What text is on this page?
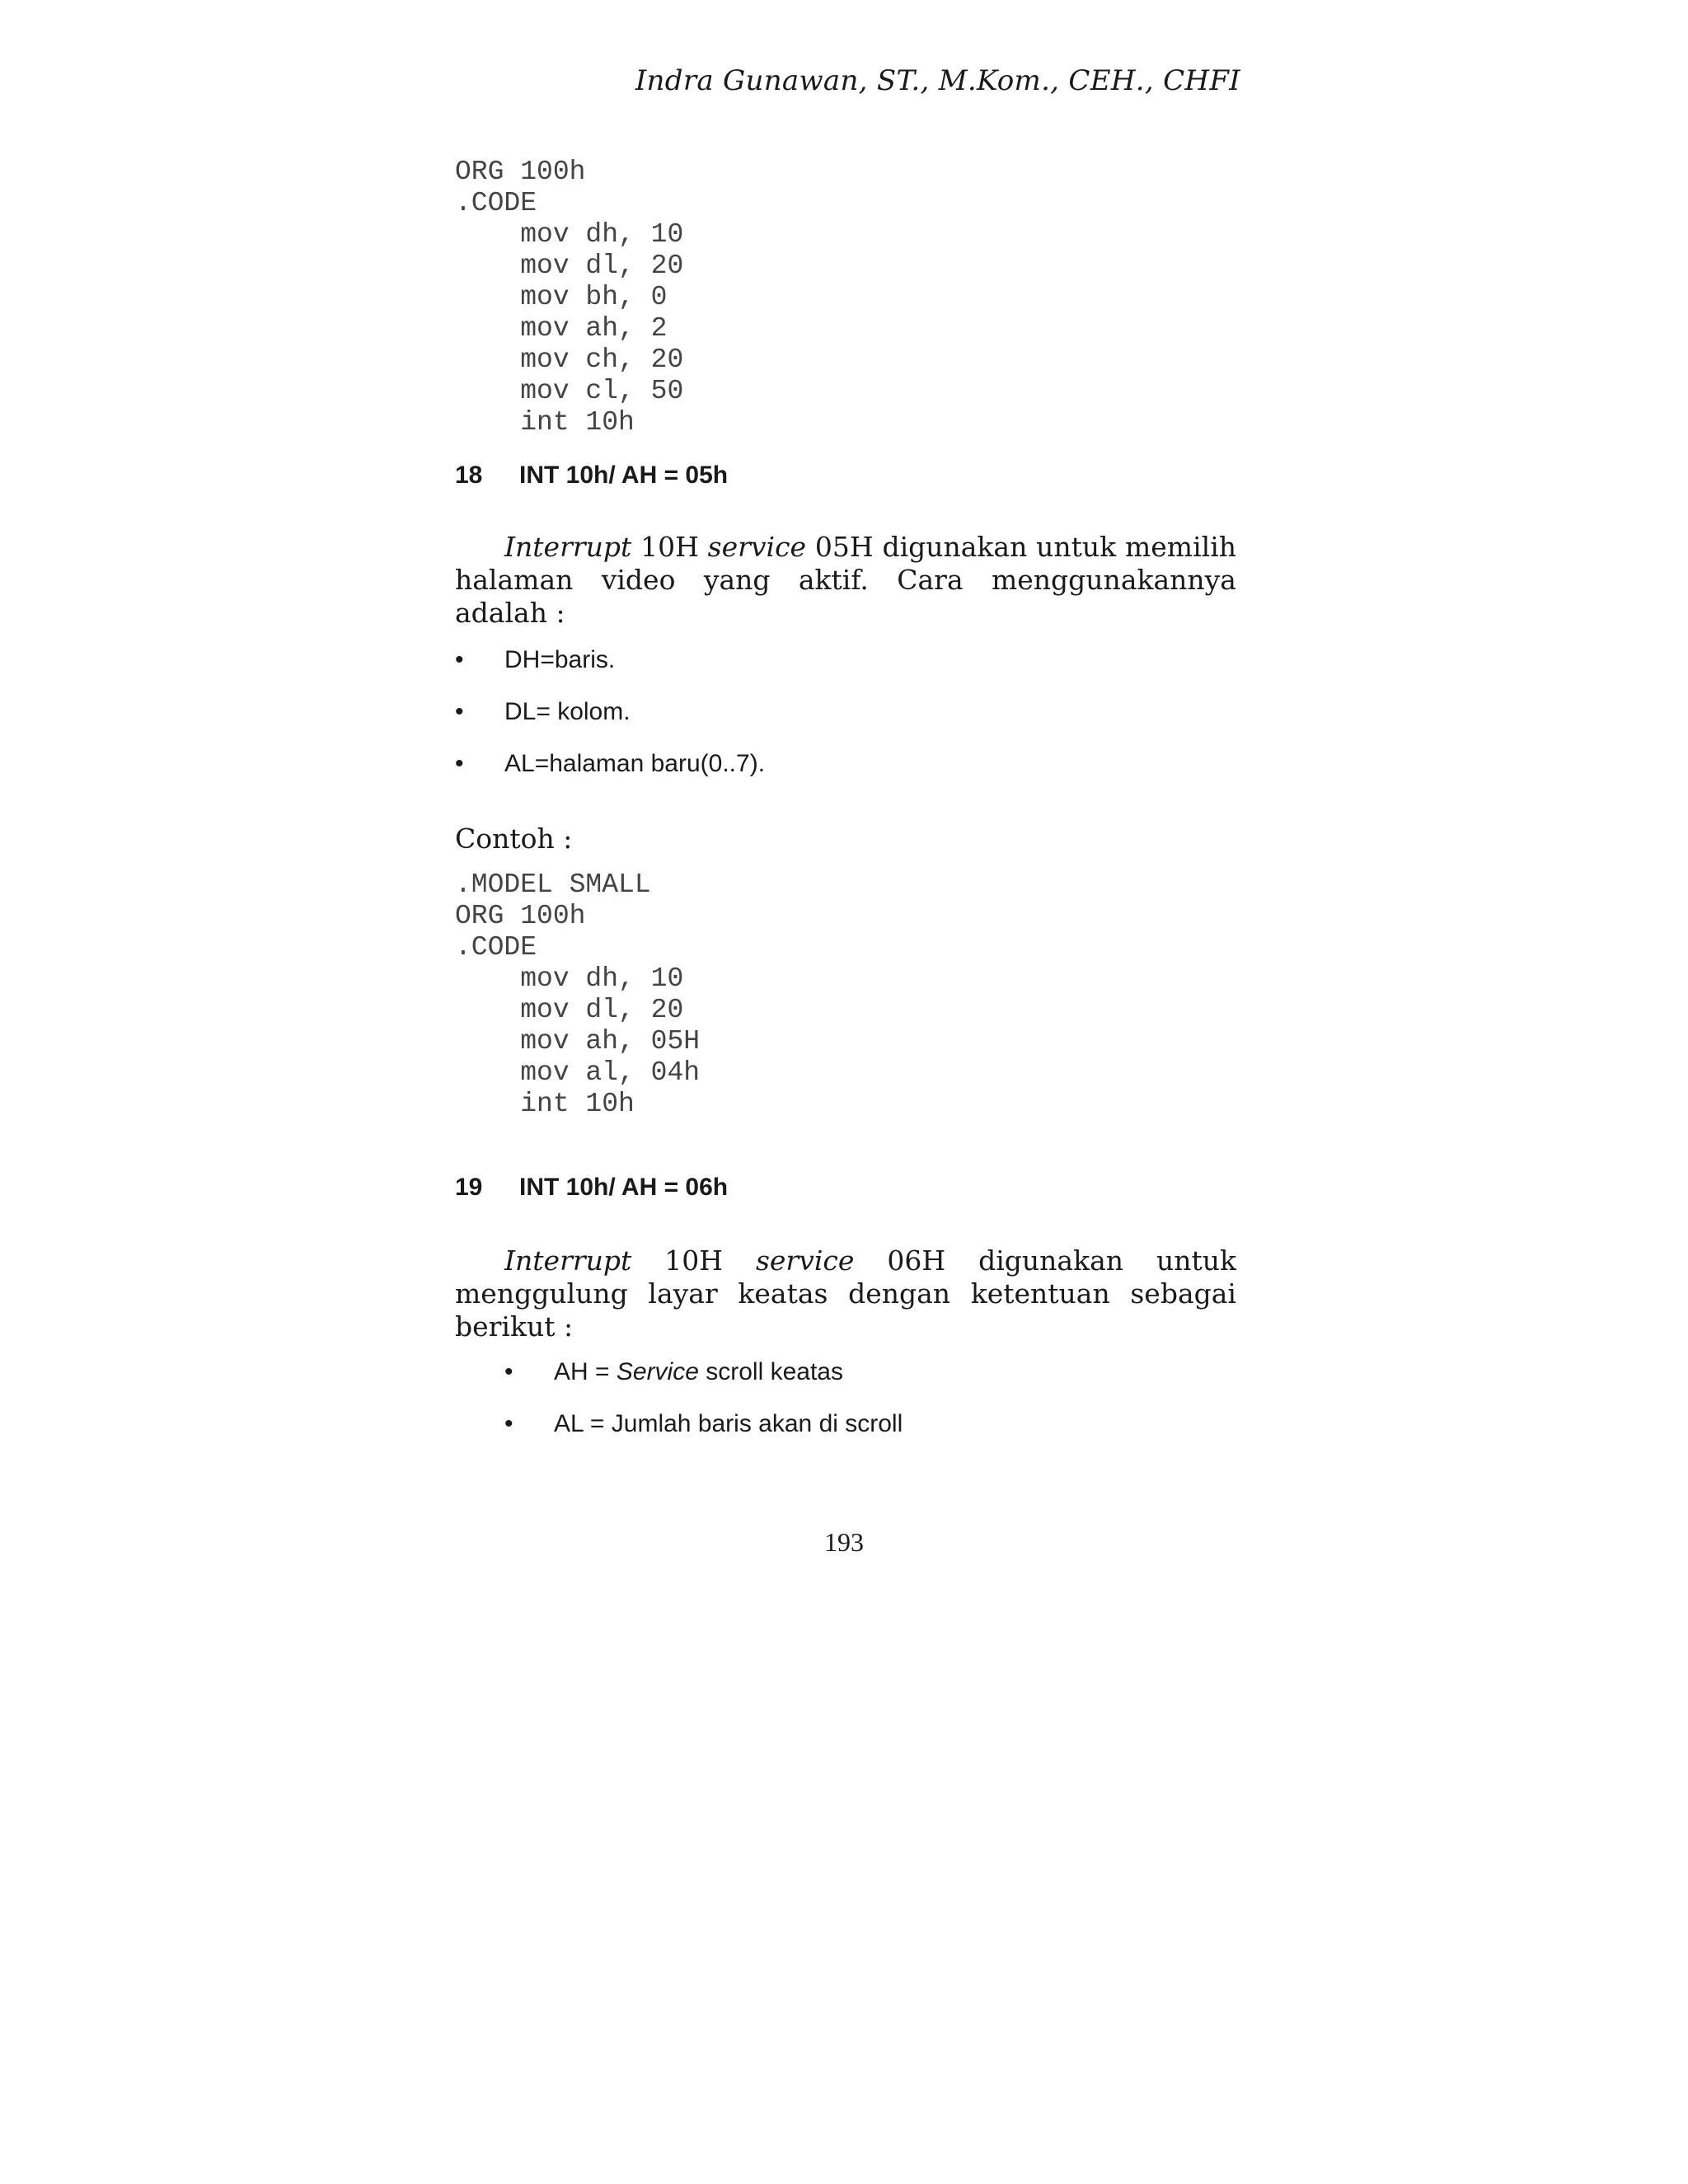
Indra Gunawan, ST., M.Kom., CEH., CHFI
ORG 100h
.CODE
mov dh, 10
mov dl, 20
mov bh, 0
mov ah, 2
mov ch, 20
mov cl, 50
int 10h
18	INT 10h/ AH = 05h

Interrupt 10H service 05H digunakan untuk memilih halaman video yang aktif. Cara menggunakannya adalah :

• DH=baris.
• DL= kolom.
• AL=halaman baru(0..7).
Contoh :
.MODEL SMALL
ORG 100h
.CODE
mov dh, 10
mov dl, 20
mov ah, 05H
mov al, 04h
int 10h
19	INT 10h/ AH = 06h

Interrupt 10H service 06H digunakan untuk menggulung layar keatas dengan ketentuan sebagai berikut :

• AH = Service scroll keatas
• AL = Jumlah baris akan di scroll
193
